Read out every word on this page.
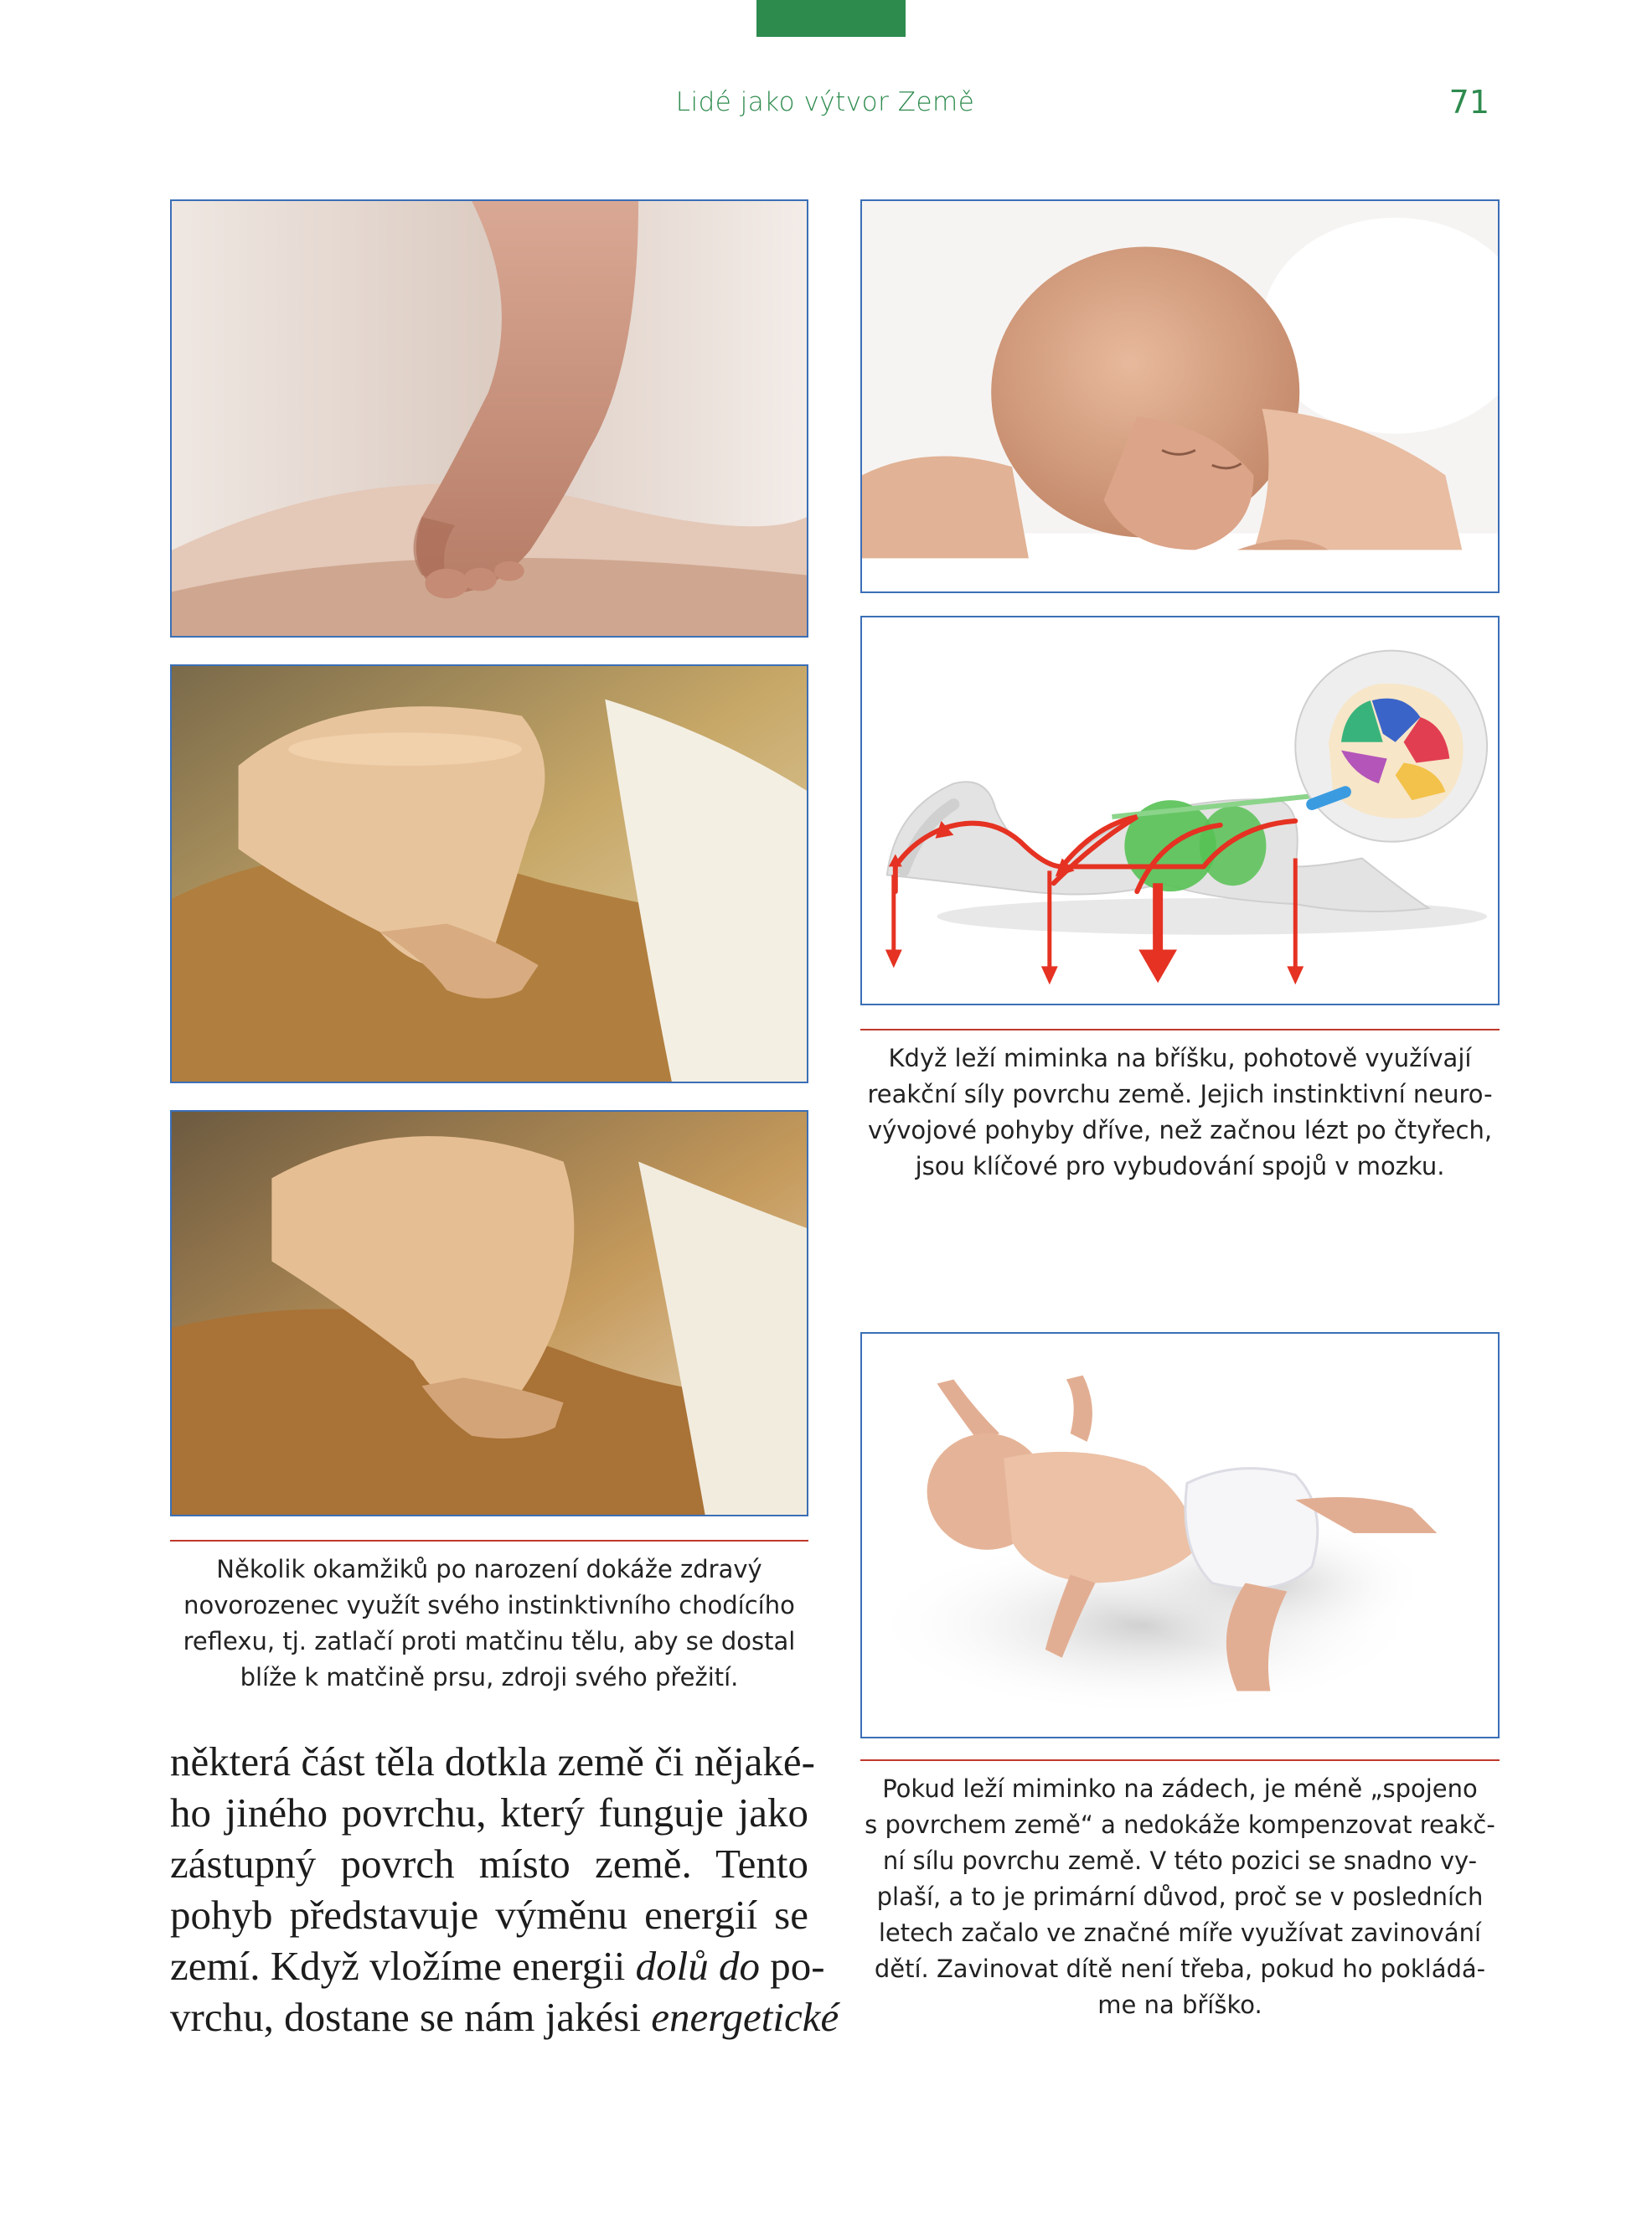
Lidé jako výtvor Země	71
Několik okamžiků po narození dokáže zdravý
novorozenec využít svého instinktivního chodícího
reflexu, tj. zatlačí proti matčinu tělu, aby se dostal
blíže k matčině prsu, zdroji svého přežití.
některá část těla dotkla země či nějaké-
ho jiného povrchu, který funguje jako
zástupný povrch místo země. Tento
pohyb představuje výměnu energií se
zemí. Když vložíme energii dolů do po-
vrchu, dostane se nám jakési energetické
Když leží miminka na bříšku, pohotově využívají
reakční síly povrchu země. Jejich instinktivní neuro-
vývojové pohyby dříve, než začnou lézt po čtyřech,
jsou klíčové pro vybudování spojů v mozku.
Pokud leží miminko na zádech, je méně „spojeno
s povrchem země“ a nedokáže kompenzovat reakč-
ní sílu povrchu země. V této pozici se snadno vy-
plaší, a to je primární důvod, proč se v posledních
letech začalo ve značné míře využívat zavinování
dětí. Zavinovat dítě není třeba, pokud ho pokládá-
me na bříško.
